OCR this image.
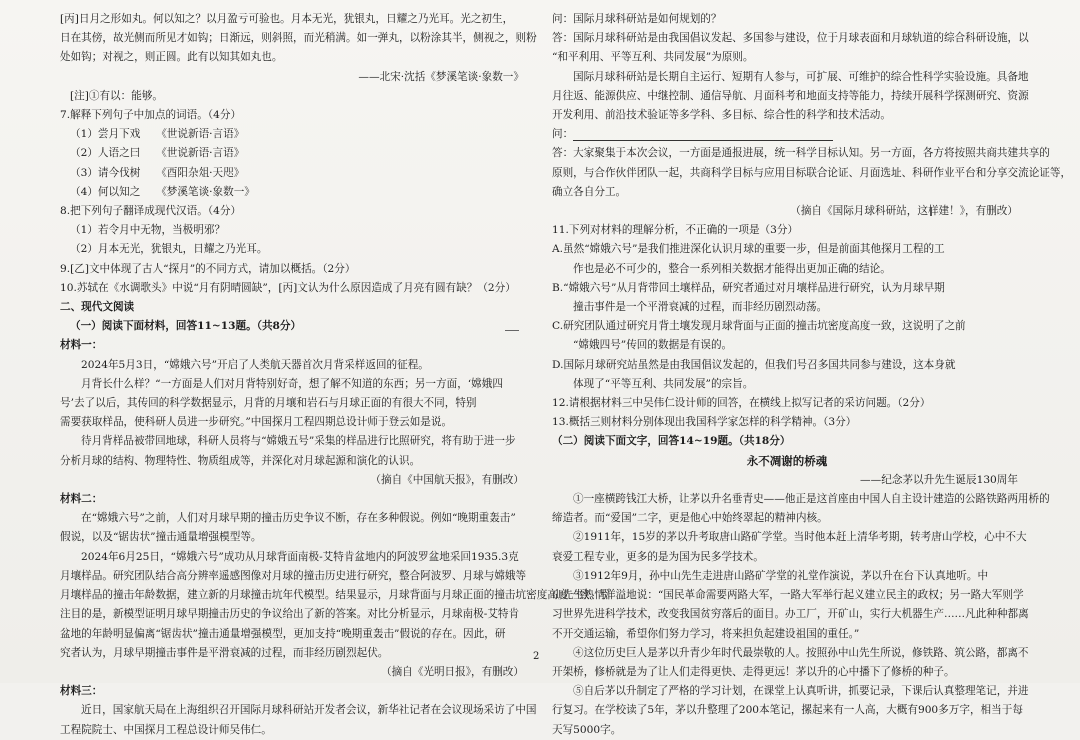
[丙]日月之形如丸。何以知之？以月盈亏可验也。月本无光，犹银丸，日耀之乃光耳。光之初生，
日在其傍，故光侧而所见才如钩；日渐远，则斜照，而光稍满。如一弹丸，以粉涂其半，侧视之，则粉
处如钩；对视之，则正圆。此有以知其如丸也。
——北宋·沈括《梦溪笔谈·象数一》
[注]①有以：能够。
7.解释下列句子中加点的词语。（4分）
（1）尝月下戏　　《世说新语·言语》
（2）人语之曰　　《世说新语·言语》
（3）请今伐树　　《酉阳杂俎·天咫》
（4）何以知之　　《梦溪笔谈·象数一》
8.把下列句子翻译成现代汉语。（4分）
（1）若令月中无物，当极明邪？
（2）月本无光，犹银丸，日耀之乃光耳。
9.[乙]文中体现了古人“探月”的不同方式，请加以概括。（2分）
10.苏轼在《水调歌头》中说“月有阴晴圆缺”，[丙]文认为什么原因造成了月亮有圆有缺？（2分）
二、现代文阅读
（一）阅读下面材料，回答11~13题。（共8分）
材料一：
2024年5月3日，“嫦娥六号”开启了人类航天器首次月背采样返回的征程。
月背长什么样？“一方面是人们对月背特别好奇，想了解不知道的东西；另一方面，‘嫦娥四
号’去了以后，其传回的科学数据显示，月背的月壤和岩石与月球正面的有很大不同，特别
需要获取样品，使科研人员进一步研究。”中国探月工程四期总设计师于登云如是说。
待月背样品被带回地球，科研人员将与“嫦娥五号”采集的样品进行比照研究，将有助于进一步
分析月球的结构、物理特性、物质组成等，并深化对月球起源和演化的认识。
（摘自《中国航天报》，有删改）
材料二：
在“嫦娥六号”之前，人们对月球早期的撞击历史争议不断，存在多种假说。例如“晚期重轰击”
假说，以及“锯齿状”撞击通量增强模型等。
2024年6月25日，“嫦娥六号”成功从月球背面南极-艾特肯盆地内的阿波罗盆地采回1935.3克
月壤样品。研究团队结合高分辨率遥感图像对月球的撞击历史进行研究，整合阿波罗、月球与嫦娥等
月壤样品的撞击年龄数据，建立新的月球撞击坑年代模型。结果显示，月球背面与月球正面的撞击坑密度高度一致。引
注目的是，新模型证明月球早期撞击历史的争议给出了新的答案。对比分析显示，月球南极-艾特肯
盆地的年龄明显偏离“锯齿状”撞击通量增强模型，更加支持“晚期重轰击”假说的存在。因此，研
究者认为，月球早期撞击事件是平滑衰减的过程，而非经历剧烈起伏。
（摘自《光明日报》，有删改）
材料三：
近日，国家航天局在上海组织召开国际月球科研站开发者会议，新华社记者在会议现场采访了中国
工程院院士、中国探月工程总设计师吴伟仁。
问：国际月球科研站是如何规划的？
答：国际月球科研站是由我国倡议发起、多国参与建设，位于月球表面和月球轨道的综合科研设施，以
“和平利用、平等互利、共同发展”为原则。
国际月球科研站是长期自主运行、短期有人参与，可扩展、可维护的综合性科学实验设施。具备地
月往返、能源供应、中继控制、通信导航、月面科考和地面支持等能力，持续开展科学探测研究、资源
开发利用、前沿技术验证等多学科、多目标、综合性的科学和技术活动。
问：
答：大家聚集于本次会议，一方面是通报进展，统一科学目标认知。另一方面，各方将按照共商共建共享的
原则，与合作伙伴团队一起，共商科学目标与应用目标联合论证、月面选址、科研作业平台和分享交流论证等，
确立各自分工。
（摘自《国际月球科研站，这样建！》，有删改）
11.下列对材料的理解分析，不正确的一项是（3分）
A.虽然“嫦娥六号”是我们推进深化认识月球的重要一步，但是前面其他探月工程的工
作也是必不可少的，整合一系列相关数据才能得出更加正确的结论。
B.“嫦娥六号”从月背带回土壤样品，研究者通过对月壤样品进行研究，认为月球早期
撞击事件是一个平滑衰减的过程，而非经历剧烈动荡。
C.研究团队通过研究月背土壤发现月球背面与正面的撞击坑密度高度一致，这说明了之前
“嫦娥四号”传回的数据是有误的。
D.国际月球研究站虽然是由我国倡议发起的，但我们号召多国共同参与建设，这本身就
体现了“平等互利、共同发展”的宗旨。
12.请根据材料三中吴伟仁设计师的回答，在横线上拟写记者的采访问题。（2分）
13.概括三则材料分别体现出我国科学家怎样的科学精神。（3分）
（二）阅读下面文字，回答14~19题。（共18分）
永不凋谢的桥魂
——纪念茅以升先生诞辰130周年
①一座横跨钱江大桥，让茅以升名垂青史——他正是这首座由中国人自主设计建造的公路铁路两用桥的
缔造者。而“爱国”二字，更是他心中始终翠起的精神内核。
②1911年，15岁的茅以升考取唐山路矿学堂。当时他本赶上清华考期，转考唐山学校，心中不大
衰爱工程专业，更多的是为国为民多学技术。
③1912年9月，孙中山先生走进唐山路矿学堂的礼堂作演说，茅以升在台下认真地听。中
山先生热情洋溢地说：“国民革命需要两路大军，一路大军举行起义建立民主的政权；另一路大军则学
习世界先进科学技术，改变我国贫穷落后的面目。办工厂，开矿山，实行大机器生产……凡此种种都离
不开交通运输，希望你们努力学习，将来担负起建设祖国的重任。”
④这位历史巨人是茅以升青少年时代最崇敬的人。按照孙中山先生所说，修铁路、筑公路，都离不
开架桥，修桥就是为了让人们走得更快、走得更远！茅以升的心中播下了修桥的种子。
⑤自后茅以升制定了严格的学习计划，在课堂上认真听讲，抓要记录，下课后认真整理笔记，并进
行复习。在学校读了5年，茅以升整理了200本笔记，摞起来有一人高，大概有900多万字，相当于每
天写5000字。
2
